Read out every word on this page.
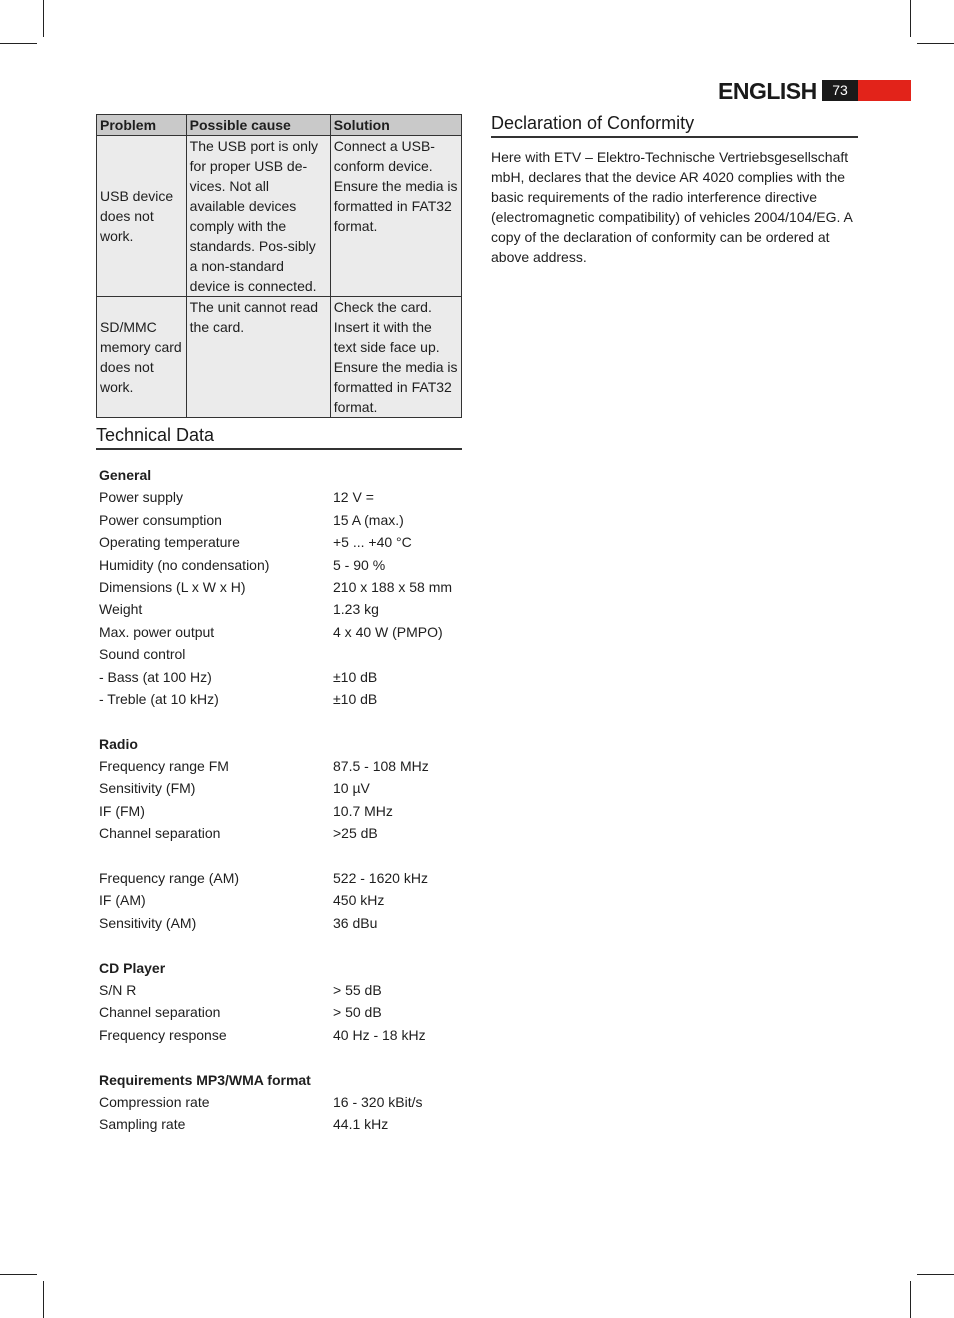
ENGLISH	73
Problem	Possible cause	Solution
USB device does not work.	The USB port is only for proper USB de-vices. Not all available devices comply with the standards. Pos-sibly a non-standard device is connected.	Connect a USB-conform device. Ensure the media is formatted in FAT32 format.
SD/MMC memory card does not work.	The unit cannot read the card.	Check the card. Insert it with the text side face up. Ensure the media is formatted in FAT32 format.
Technical Data
General
Power supply	12 V =
Power consumption	15 A (max.)
Operating temperature	+5 ... +40 °C
Humidity (no condensation)	5 - 90 %
Dimensions (L x W x H)	210 x 188 x 58 mm
Weight	1.23 kg
Max. power output	4 x 40 W (PMPO)
Sound control
- Bass (at 100 Hz)	±10 dB
- Treble (at 10 kHz)	±10 dB
Radio
Frequency range FM	87.5 - 108 MHz
Sensitivity (FM)	10 µV
IF (FM)	10.7 MHz
Channel separation	>25 dB
Frequency range (AM)	522 - 1620 kHz
IF (AM)	450 kHz
Sensitivity (AM)	36 dBu
CD Player
S/N R	> 55 dB
Channel separation	> 50 dB
Frequency response	40 Hz - 18 kHz
Requirements MP3/WMA format
Compression rate	16 - 320 kBit/s
Sampling rate	44.1 kHz
Declaration of Conformity
Here with ETV – Elektro-Technische Vertriebsgesellschaft mbH, declares that the device AR 4020 complies with the basic requirements of the radio interference directive (electromagnetic compatibility) of vehicles 2004/104/EG. A copy of the declaration of conformity can be ordered at above address.
